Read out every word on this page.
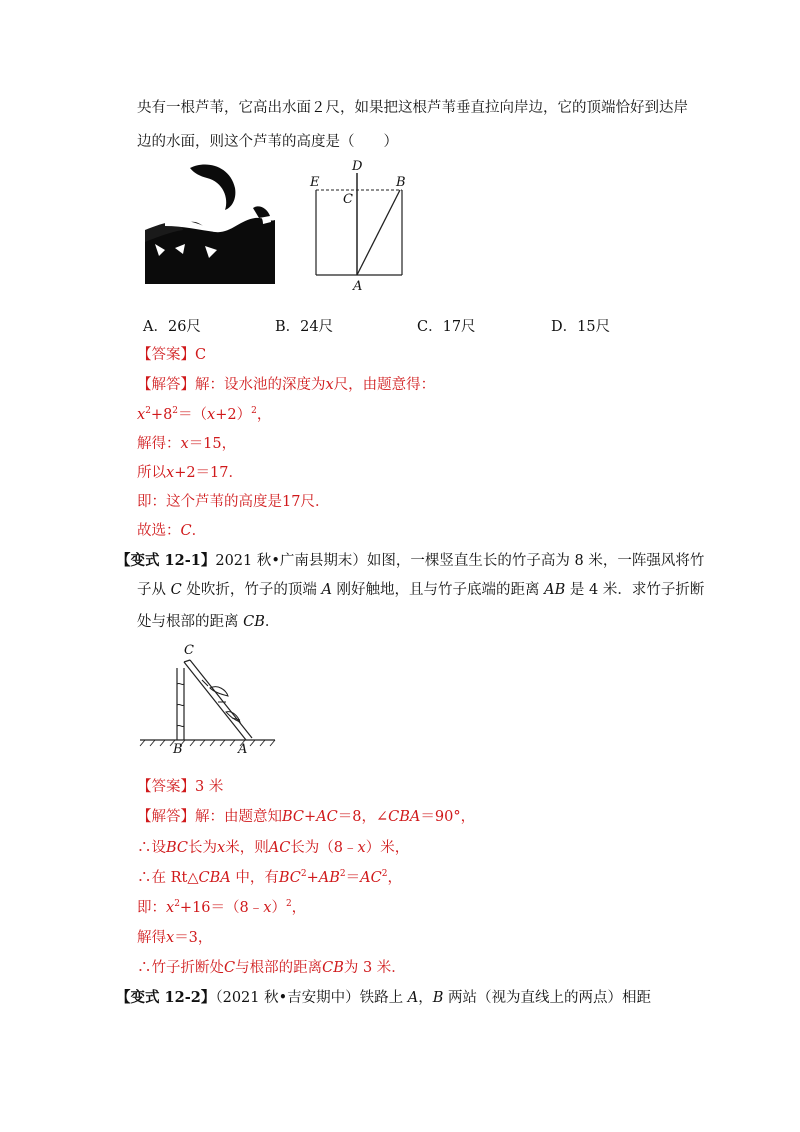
央有一根芦苇，它高出水面２尺，如果把这根芦苇垂直拉向岸边，它的顶端恰好到达岸
边的水面，则这个芦苇的高度是（　　）
D
E	B
C
A
A．26尺	B．24尺	C．17尺	D．15尺
【答案】C
【解答】解：设水池的深度为x尺，由题意得：
$x^2+8^2=(x+2)^2$，
解得：x＝15，
所以x+2＝17．
即：这个芦苇的高度是17尺．
故选：C．
【变式 12-1】2021 秋•广南县期末）如图，一棵竖直生长的竹子高为 8 米，一阵强风将竹
子从 C 处吹折，竹子的顶端 A 刚好触地，且与竹子底端的距离 AB 是 4 米．求竹子折断
处与根部的距离 CB．
C
B	A
【答案】3 米
【解答】解：由题意知BC+AC＝8，∠CBA＝90°，
∴设BC长为x米，则AC长为（8﹣x）米，
∴在 Rt△CBA 中，有$BC^2+AB^2=AC^2$，
即：$x^2+16=(8﹣x)^2$，
解得x＝3，
∴竹子折断处C与根部的距离CB为 3 米．
【变式 12-2】（2021 秋•吉安期中）铁路上 A，B 两站（视为直线上的两点）相距
